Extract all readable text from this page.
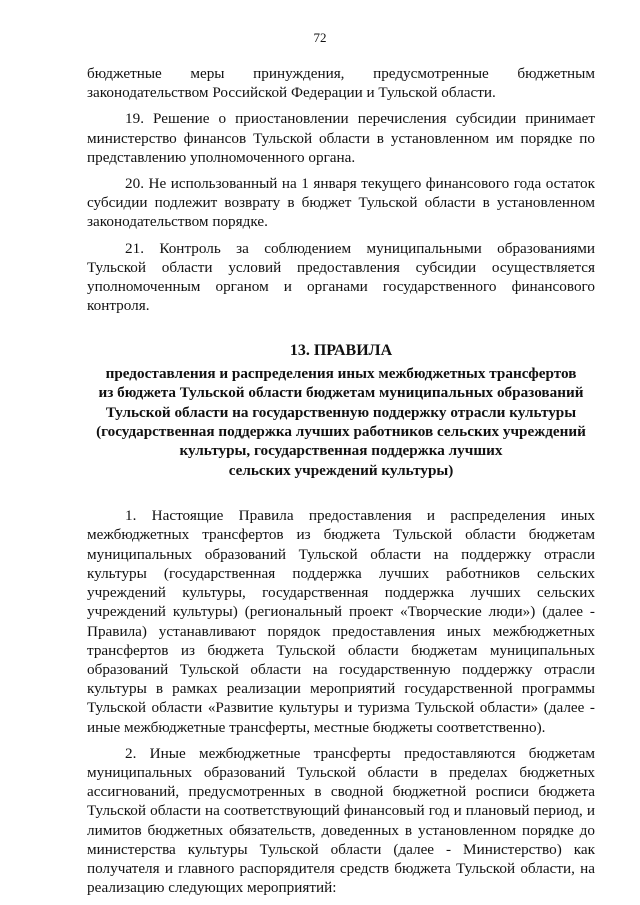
72

бюджетные меры принуждения, предусмотренные бюджетным законодательством Российской Федерации и Тульской области.

19. Решение о приостановлении перечисления субсидии принимает министерство финансов Тульской области в установленном им порядке по представлению уполномоченного органа.

20. Не использованный на 1 января текущего финансового года остаток субсидии подлежит возврату в бюджет Тульской области в установленном законодательством порядке.

21. Контроль за соблюдением муниципальными образованиями Тульской области условий предоставления субсидии осуществляется уполномоченным органом и органами государственного финансового контроля.

13. ПРАВИЛА
предоставления и распределения иных межбюджетных трансфертов
из бюджета Тульской области бюджетам муниципальных образований
Тульской области на государственную поддержку отрасли культуры
(государственная поддержка лучших работников сельских учреждений
культуры, государственная поддержка лучших
сельских учреждений культуры)

1. Настоящие Правила предоставления и распределения иных межбюджетных трансфертов из бюджета Тульской области бюджетам муниципальных образований Тульской области на поддержку отрасли культуры (государственная поддержка лучших работников сельских учреждений культуры, государственная поддержка лучших сельских учреждений культуры) (региональный проект «Творческие люди») (далее - Правила) устанавливают порядок предоставления иных межбюджетных трансфертов из бюджета Тульской области бюджетам муниципальных образований Тульской области на государственную поддержку отрасли культуры в рамках реализации мероприятий государственной программы Тульской области «Развитие культуры и туризма Тульской области» (далее - иные межбюджетные трансферты, местные бюджеты соответственно).

2. Иные межбюджетные трансферты предоставляются бюджетам муниципальных образований Тульской области в пределах бюджетных ассигнований, предусмотренных в сводной бюджетной росписи бюджета Тульской области на соответствующий финансовый год и плановый период, и лимитов бюджетных обязательств, доведенных в установленном порядке до министерства культуры Тульской области (далее - Министерство) как получателя и главного распорядителя средств бюджета Тульской области, на реализацию следующих мероприятий:
